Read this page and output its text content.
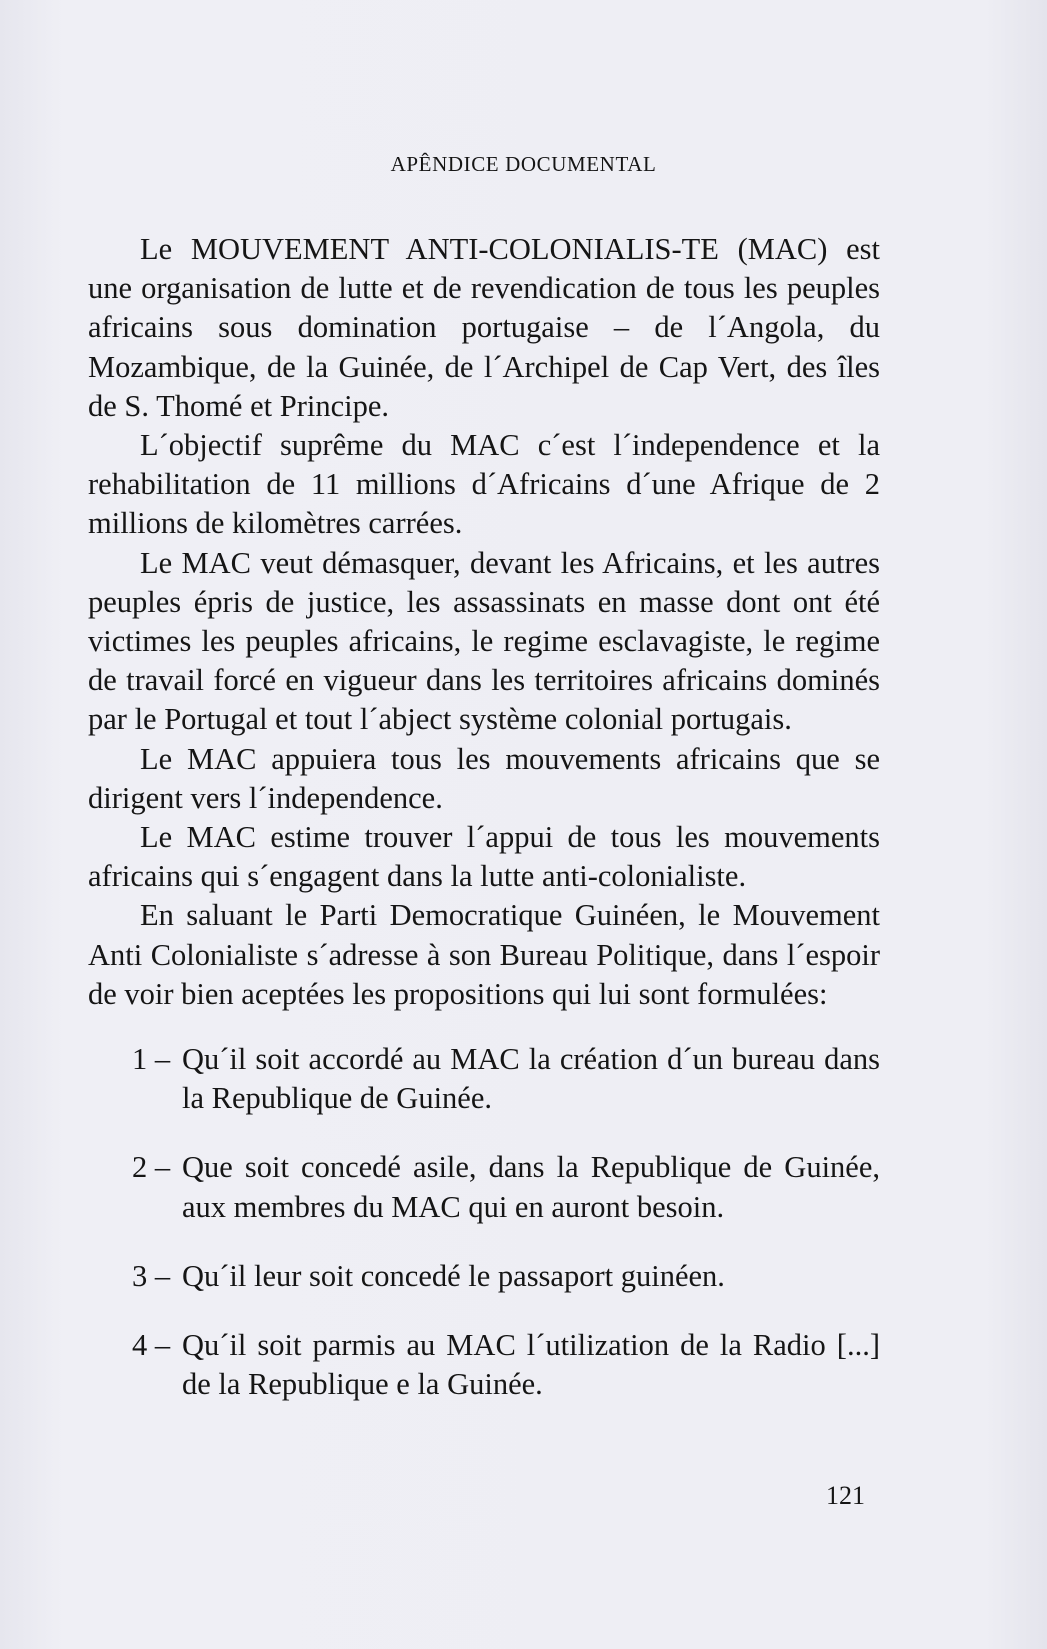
APÊNDICE DOCUMENTAL

Le MOUVEMENT ANTI-COLONIALIS-TE (MAC) est une organisation de lutte et de revendication de tous les peuples africains sous domination portugaise – de l´Angola, du Mozambique, de la Guinée, de l´Archipel de Cap Vert, des îles de S. Thomé et Principe.

L´objectif suprême du MAC c´est l´independence et la rehabilitation de 11 millions d´Africains d´une Afrique de 2 millions de kilomètres carrées.

Le MAC veut démasquer, devant les Africains, et les autres peuples épris de justice, les assassinats en masse dont ont été victimes les peuples africains, le regime esclavagiste, le regime de travail forcé en vigueur dans les territoires africains dominés par le Portugal et tout l´abject système colonial portugais.

Le MAC appuiera tous les mouvements africains que se dirigent vers l´independence.

Le MAC estime trouver l´appui de tous les mouvements africains qui s´engagent dans la lutte anti-colonialiste.

En saluant le Parti Democratique Guinéen, le Mouvement Anti Colonialiste s´adresse à son Bureau Politique, dans l´espoir de voir bien aceptées les propositions qui lui sont formulées:

1 – Qu´il soit accordé au MAC la création d´un bureau dans la Republique de Guinée.
2 – Que soit concedé asile, dans la Republique de Guinée, aux membres du MAC qui en auront besoin.
3 – Qu´il leur soit concedé le passaport guinéen.
4 – Qu´il soit parmis au MAC l´utilization de la Radio [...] de la Republique e la Guinée.
121
